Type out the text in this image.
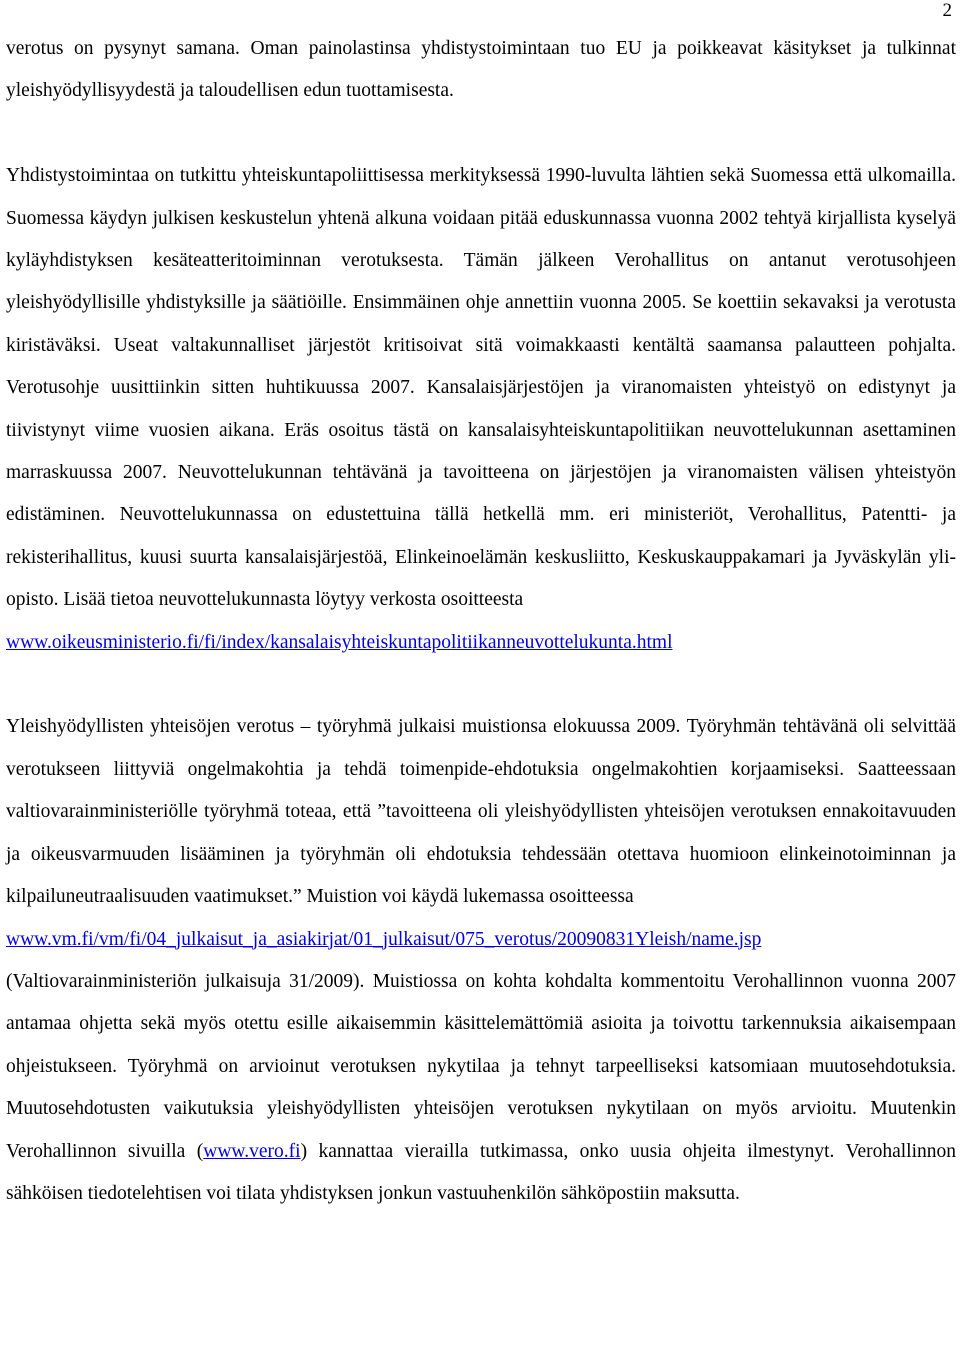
2

verotus on pysynyt samana. Oman painolastinsa yhdistystoimintaan tuo EU ja poikkeavat käsitykset ja tulkinnat yleishyödyllisyydestä ja taloudellisen edun tuottamisesta.

Yhdistystoimintaa on tutkittu yhteiskuntapoliittisessa merkityksessä 1990-luvulta lähtien sekä Suomessa että ulkomailla. Suomessa käydyn julkisen keskustelun yhtenä alkuna voidaan pitää eduskunnassa vuonna 2002 tehtyä kirjallista kyselyä kyläyhdistyksen kesäteatteritoiminnan verotuksesta. Tämän jälkeen Verohallitus on antanut verotusohjeen yleishyödyllisille yhdistyksille ja säätiöille. Ensimmäinen ohje annettiin vuonna 2005. Se koettiin sekavaksi ja verotusta kiristäväksi. Useat valtakunnalliset järjestöt kritisoivat sitä voimakkaasti kentältä saamansa palautteen pohjalta. Verotusohje uusittiinkin sitten huhtikuussa 2007. Kansalaisjärjestöjen ja viranomaisten yhteistyö on edistynyt ja tiivistynyt viime vuosien aikana. Eräs osoitus tästä on kansalaisyhteiskuntapolitiikan neuvottelukunnan asettaminen marraskuussa 2007. Neuvottelukunnan tehtävänä ja tavoitteena on järjestöjen ja viranomaisten välisen yhteistyön edistäminen. Neuvottelukunnassa on edustettuina tällä hetkellä mm. eri ministeriöt, Verohallitus, Patentti- ja rekisterihallitus, kuusi suurta kansalaisjärjestöä, Elinkeinoelämän keskusliitto, Keskuskauppakamari ja Jyväskylän yliopisto. Lisää tietoa neuvottelukunnasta löytyy verkosta osoitteesta
www.oikeusministerio.fi/fi/index/kansalaisyhteiskuntapolitiikanneuvottelukunta.html

Yleishyödyllisten yhteisöjen verotus – työryhmä julkaisi muistionsa elokuussa 2009. Työryhmän tehtävänä oli selvittää verotukseen liittyviä ongelmakohtia ja tehdä toimenpide-ehdotuksia ongelmakohtien korjaamiseksi. Saatteessaan valtiovarainministeriölle työryhmä toteaa, että ”tavoitteena oli yleishyödyllisten yhteisöjen verotuksen ennakoitavuuden ja oikeusvarmuuden lisääminen ja työryhmän oli ehdotuksia tehdessään otettava huomioon elinkeinotoiminnan ja kilpailuneutraalisuuden vaatimukset.” Muistion voi käydä lukemassa osoitteessa
www.vm.fi/vm/fi/04_julkaisut_ja_asiakirjat/01_julkaisut/075_verotus/20090831Yleish/name.jsp
(Valtiovarainministeriön julkaisuja 31/2009). Muistiossa on kohta kohdalta kommentoitu Verohallinnon vuonna 2007 antamaa ohjetta sekä myös otettu esille aikaisemmin käsittelemättömiä asioita ja toivottu tarkennuksia aikaisempaan ohjeistukseen. Työryhmä on arvioinut verotuksen nykytilaa ja tehnyt tarpeelliseksi katsomiaan muutosehdotuksia. Muutosehdotusten vaikutuksia yleishyödyllisten yhteisöjen verotuksen nykytilaan on myös arvioitu. Muutenkin Verohallinnon sivuilla (www.vero.fi) kannattaa vierailla tutkimassa, onko uusia ohjeita ilmestynyt. Verohallinnon sähköisen tiedotelehtisen voi tilata yhdistyksen jonkun vastuuhenkilön sähköpostiin maksutta.
